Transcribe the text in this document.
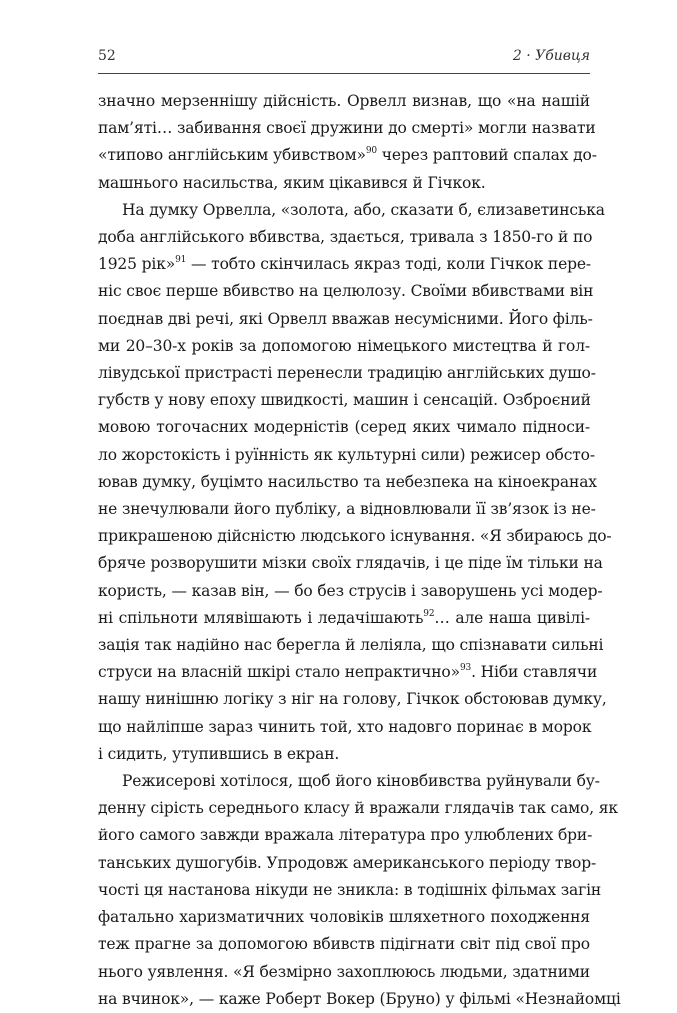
52	2 · Убивця
значно мерзеннішу дійсність. Орвелл визнав, що «на нашій
пам’яті… забивання своєї дружини до смерті» могли назвати
«типово англійським убивством»$^{90}$ через раптовий спалах до-
машнього насильства, яким цікавився й Гічкок.
На думку Орвелла, «золота, або, сказати б, єлизаветинська
доба англійського вбивства, здається, тривала з 1850-го й по
1925 рік»$^{91}$ — тобто скінчилась якраз тоді, коли Гічкок пере-
ніс своє перше вбивство на целюлозу. Своїми вбивствами він
поєднав дві речі, які Орвелл вважав несумісними. Його філь-
ми 20–30-х років за допомогою німецького мистецтва й гол-
лівудської пристрасті перенесли традицію англійських душо-
губств у нову епоху швидкості, машин і сенсацій. Озброєний
мовою тогочасних модерністів (серед яких чимало підноси-
ло жорстокість і руїнність як культурні сили) режисер обсто-
ював думку, буцімто насильство та небезпека на кіноекранах
не знечулювали його публіку, а відновлювали її зв’язок із не-
прикрашеною дійсністю людського існування. «Я збираюсь до-
бряче розворушити мізки своїх глядачів, і це піде їм тільки на
користь, — казав він, — бо без струсів і заворушень усі модер-
ні спільноти млявішають і ледачішають$^{92}$… але наша цивілі-
зація так надійно нас берегла й леліяла, що спізнавати сильні
струси на власній шкірі стало непрактично»$^{93}$. Ніби ставлячи
нашу нинішню логіку з ніг на голову, Гічкок обстоював думку,
що найліпше зараз чинить той, хто надовго поринає в морок
і сидить, утупившись в екран.
Режисерові хотілося, щоб його кіновбивства руйнували бу-
денну сірість середнього класу й вражали глядачів так само, як
його самого завжди вражала література про улюблених бри-
танських душогубів. Упродовж американського періоду твор-
чості ця настанова нікуди не зникла: в тодішніх фільмах загін
фатально харизматичних чоловіків шляхетного походження
теж прагне за допомогою вбивств підігнати світ під свої про
нього уявлення. «Я безмірно захоплююсь людьми, здатними
на вчинок», — каже Роберт Вокер (Бруно) у фільмі «Незнайомці
